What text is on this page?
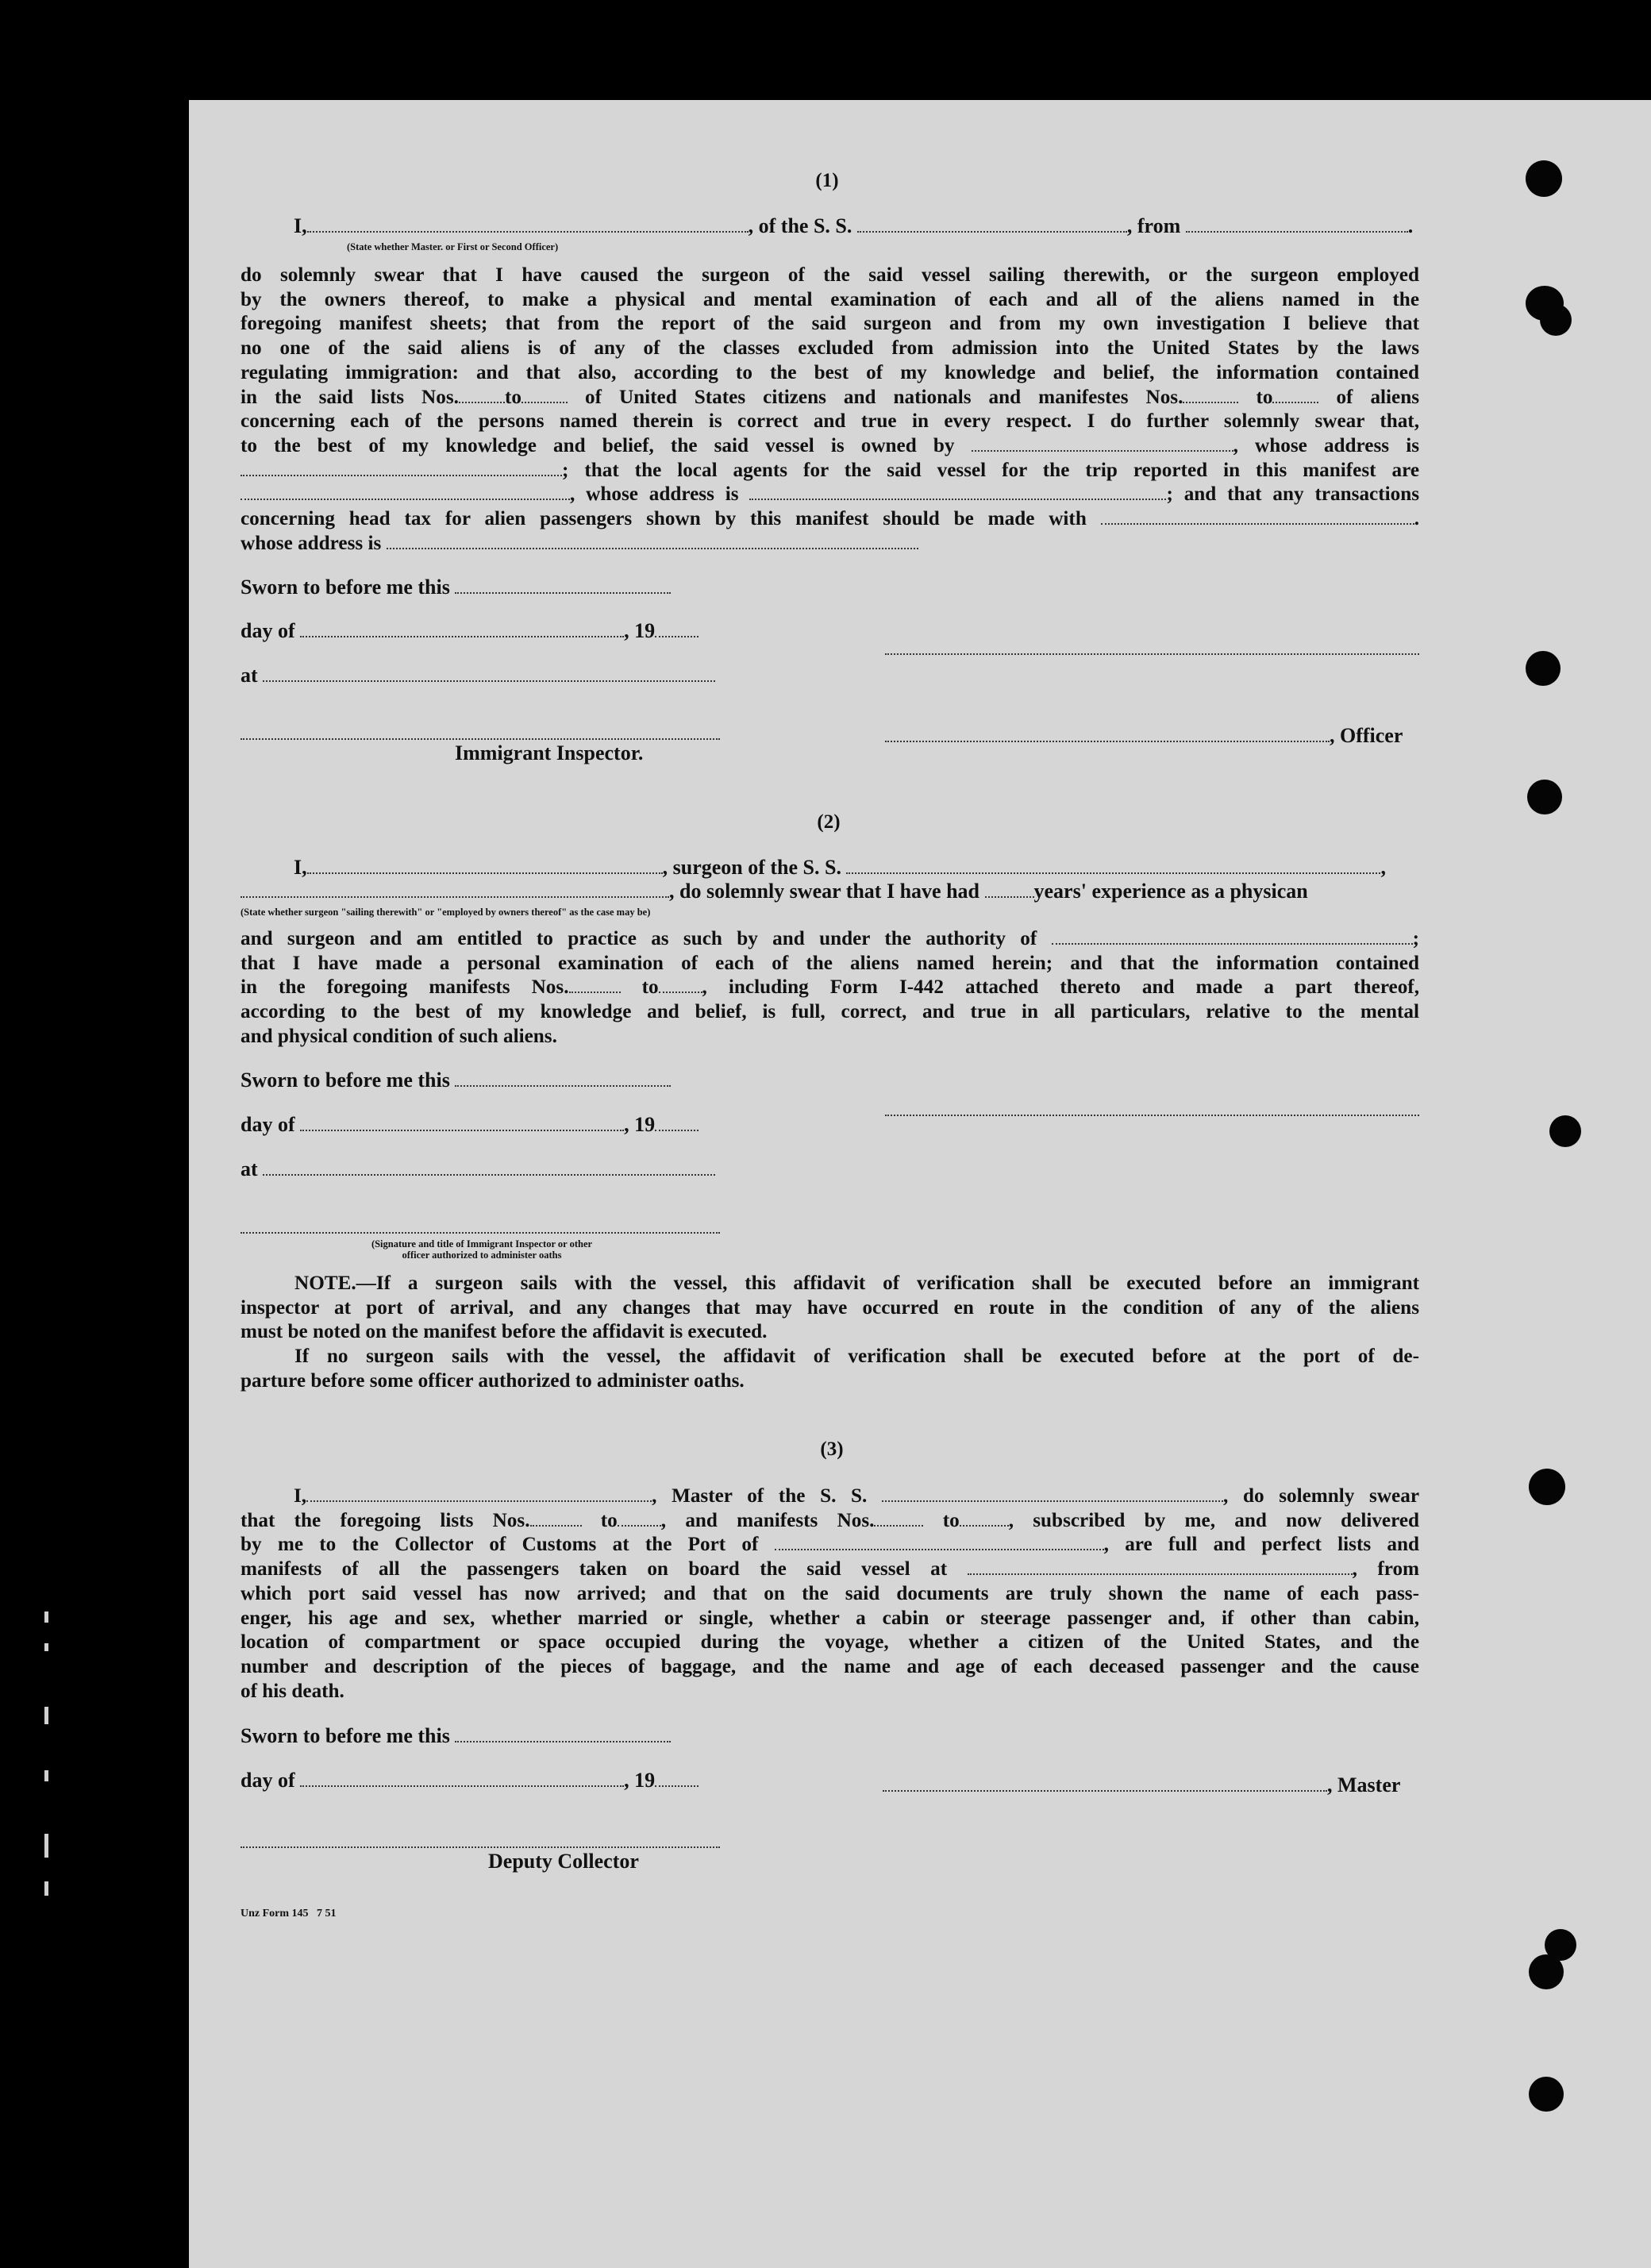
(1)
I,	, of the S. S.	, from	.
(State whether Master. or First or Second Officer)
do solemnly swear that I have caused the surgeon of the said vessel sailing therewith, or the surgeon employed
by the owners thereof, to make a physical and mental examination of each and all of the aliens named in the
foregoing manifest sheets; that from the report of the said surgeon and from my own investigation I believe that
no one of the said aliens is of any of the classes excluded from admission into the United States by the laws
regulating immigration: and that also, according to the best of my knowledge and belief, the information contained
in the said lists Nos. to	of United States citizens and nationals and manifestes Nos.	to	of aliens
concerning each of the persons named therein is correct and true in every respect. I do further solemnly swear that,
to the best of my knowledge and belief, the said vessel is owned by	, whose address is
; that the local agents for the said vessel for the trip reported in this manifest are
, whose address is	; and that any transactions
concerning head tax for alien passengers shown by this manifest should be made with	.
whose address is
Sworn to before me this
day of	, 19
at
Immigrant Inspector.
, Officer
(2)
I,	, surgeon of the S. S.	,
, do solemnly swear that I have had	years' experience as a physican
(State whether surgeon "sailing therewith" or "employed by owners thereof" as the case may be)
and surgeon and am entitled to practice as such by and under the authority of	;
that I have made a personal examination of each of the aliens named herein; and that the information contained
in the foregoing manifests Nos.	to , including Form I-442 attached thereto and made a part thereof,
according to the best of my knowledge and belief, is full, correct, and true in all particulars, relative to the mental
and physical condition of such aliens.
Sworn to before me this
day of	, 19
at
(Signature and title of Immigrant Inspector or other
officer authorized to administer oaths
NOTE.—If a surgeon sails with the vessel, this affidavit of verification shall be executed before an immigrant
inspector at port of arrival, and any changes that may have occurred en route in the condition of any of the aliens
must be noted on the manifest before the affidavit is executed.
If no surgeon sails with the vessel, the affidavit of verification shall be executed before at the port of de-
parture before some officer authorized to administer oaths.
(3)
I,	, Master of the S. S.	, do solemnly swear
that the foregoing lists Nos.	to , and manifests Nos.	to , subscribed by me, and now delivered
by me to the Collector of Customs at the Port of	, are full and perfect lists and
manifests of all the passengers taken on board the said vessel at	, from
which port said vessel has now arrived; and that on the said documents are truly shown the name of each pass-
enger, his age and sex, whether married or single, whether a cabin or steerage passenger and, if other than cabin,
location of compartment or space occupied during the voyage, whether a citizen of the United States, and the
number and description of the pieces of baggage, and the name and age of each deceased passenger and the cause
of his death.
Sworn to before me this
day of	, 19	, Master
Deputy Collector
Unz Form 145   7 51
